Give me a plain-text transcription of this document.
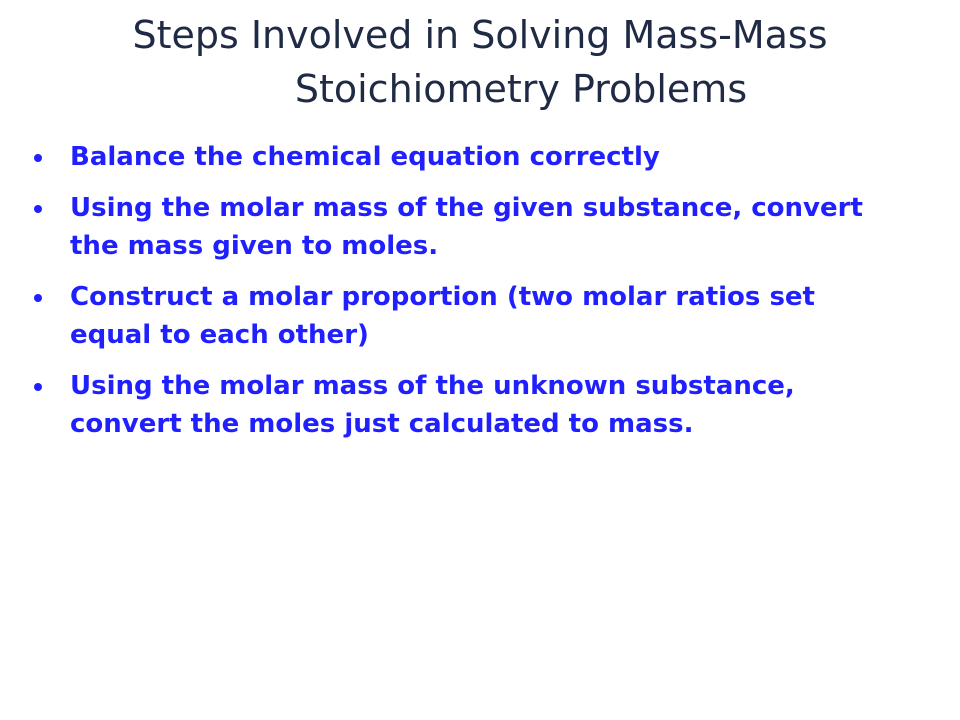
Steps Involved in Solving Mass-Mass
Stoichiometry Problems
Balance the chemical equation correctly
Using the molar mass of the given substance, convert the mass given to moles.
Construct a molar proportion (two molar ratios set equal to each other)
Using the molar mass of the unknown substance, convert the moles just calculated to mass.
